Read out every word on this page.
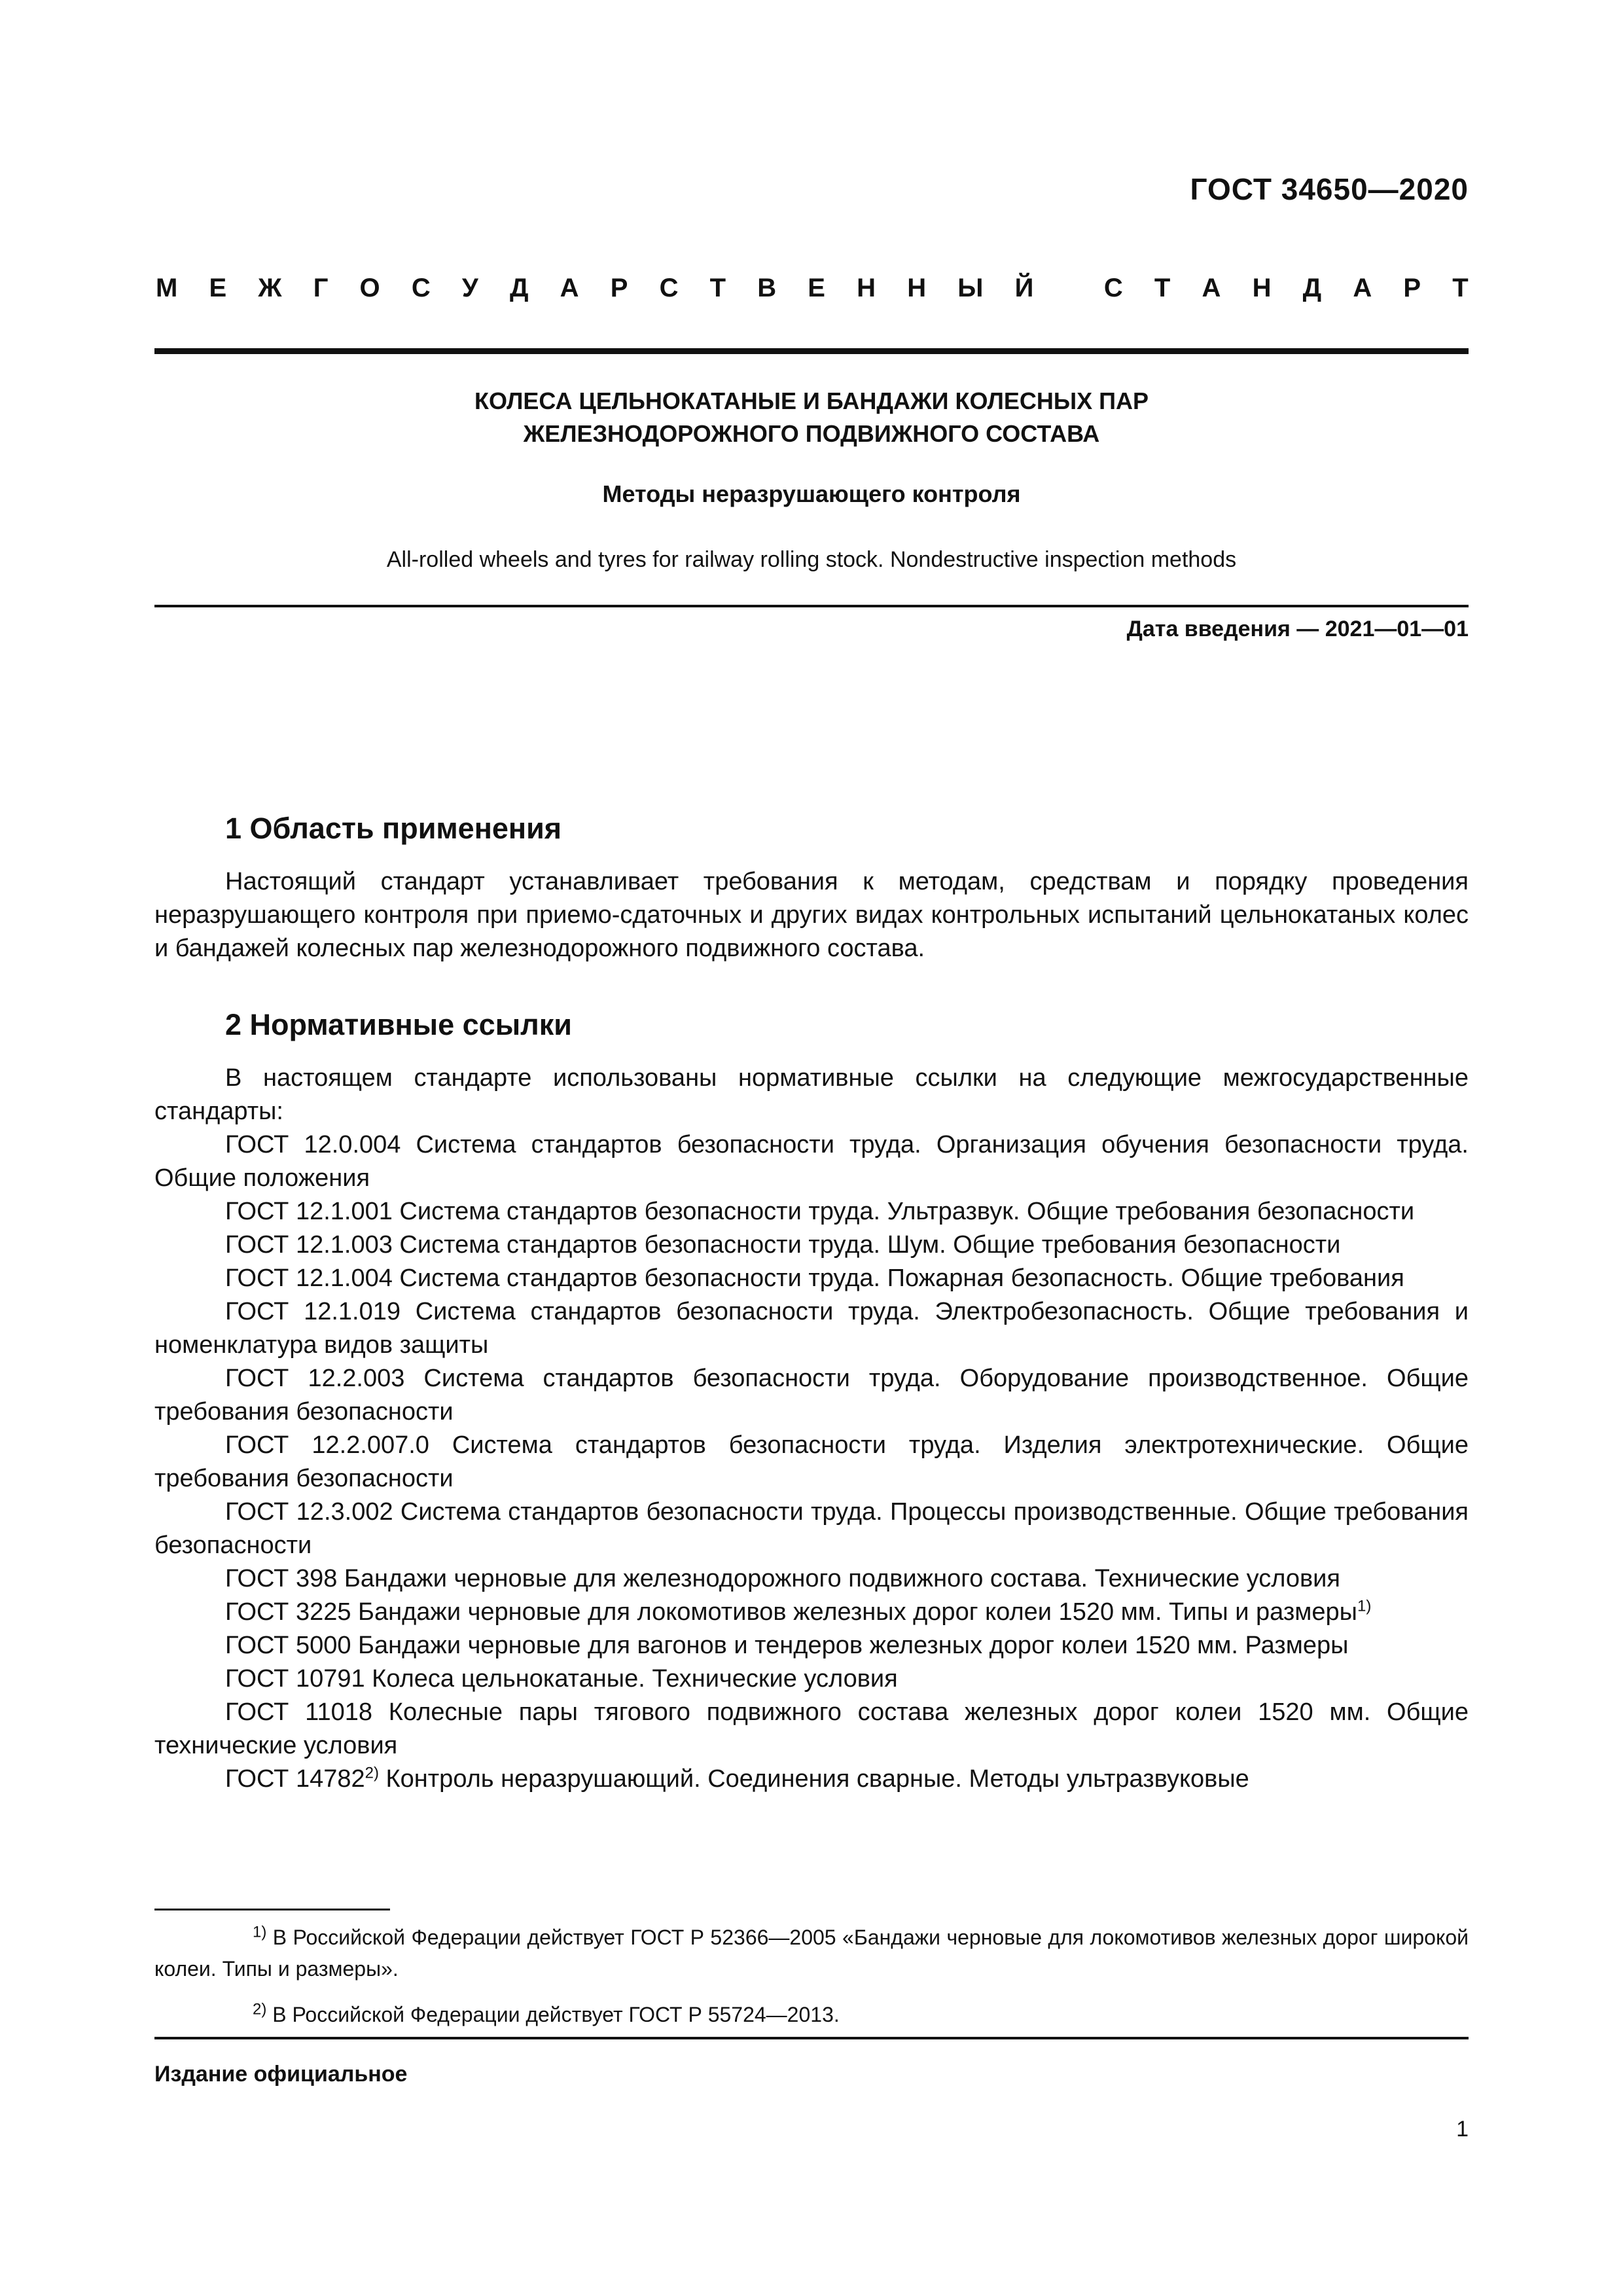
ГОСТ 34650—2020
М Е Ж Г О С У Д А Р С Т В Е Н Н Ы Й
	С Т А Н Д А Р Т
КОЛЕСА ЦЕЛЬНОКАТАНЫЕ И БАНДАЖИ КОЛЕСНЫХ ПАР
ЖЕЛЕЗНОДОРОЖНОГО ПОДВИЖНОГО СОСТАВА
Методы неразрушающего контроля
All-rolled wheels and tyres for railway rolling stock. Nondestructive inspection methods
Дата введения — 2021—01—01
1 Область применения

Настоящий стандарт устанавливает требования к методам, средствам и порядку проведения неразрушающего контроля при приемо-сдаточных и других видах контрольных испытаний цельнокатаных колес и бандажей колесных пар железнодорожного подвижного состава.

2 Нормативные ссылки

В настоящем стандарте использованы нормативные ссылки на следующие межгосударственные стандарты:

ГОСТ 12.0.004 Система стандартов безопасности труда. Организация обучения безопасности труда. Общие положения

ГОСТ 12.1.001 Система стандартов безопасности труда. Ультразвук. Общие требования безопасности

ГОСТ 12.1.003 Система стандартов безопасности труда. Шум. Общие требования безопасности

ГОСТ 12.1.004 Система стандартов безопасности труда. Пожарная безопасность. Общие требования

ГОСТ 12.1.019 Система стандартов безопасности труда. Электробезопасность. Общие требования и номенклатура видов защиты

ГОСТ 12.2.003 Система стандартов безопасности труда. Оборудование производственное. Общие требования безопасности

ГОСТ 12.2.007.0 Система стандартов безопасности труда. Изделия электротехнические. Общие требования безопасности

ГОСТ 12.3.002 Система стандартов безопасности труда. Процессы производственные. Общие требования безопасности

ГОСТ 398 Бандажи черновые для железнодорожного подвижного состава. Технические условия

ГОСТ 3225 Бандажи черновые для локомотивов железных дорог колеи 1520 мм. Типы и размеры$^{1)}$

ГОСТ 5000 Бандажи черновые для вагонов и тендеров железных дорог колеи 1520 мм. Размеры

ГОСТ 10791 Колеса цельнокатаные. Технические условия

ГОСТ 11018 Колесные пары тягового подвижного состава железных дорог колеи 1520 мм. Общие технические условия

ГОСТ 14782$^{2)}$ Контроль неразрушающий. Соединения сварные. Методы ультразвуковые

$^{1)}$ В Российской Федерации действует ГОСТ Р 52366—2005 «Бандажи черновые для локомотивов железных дорог широкой колеи. Типы и размеры».

$^{2)}$ В Российской Федерации действует ГОСТ Р 55724—2013.

Издание официальное
1
